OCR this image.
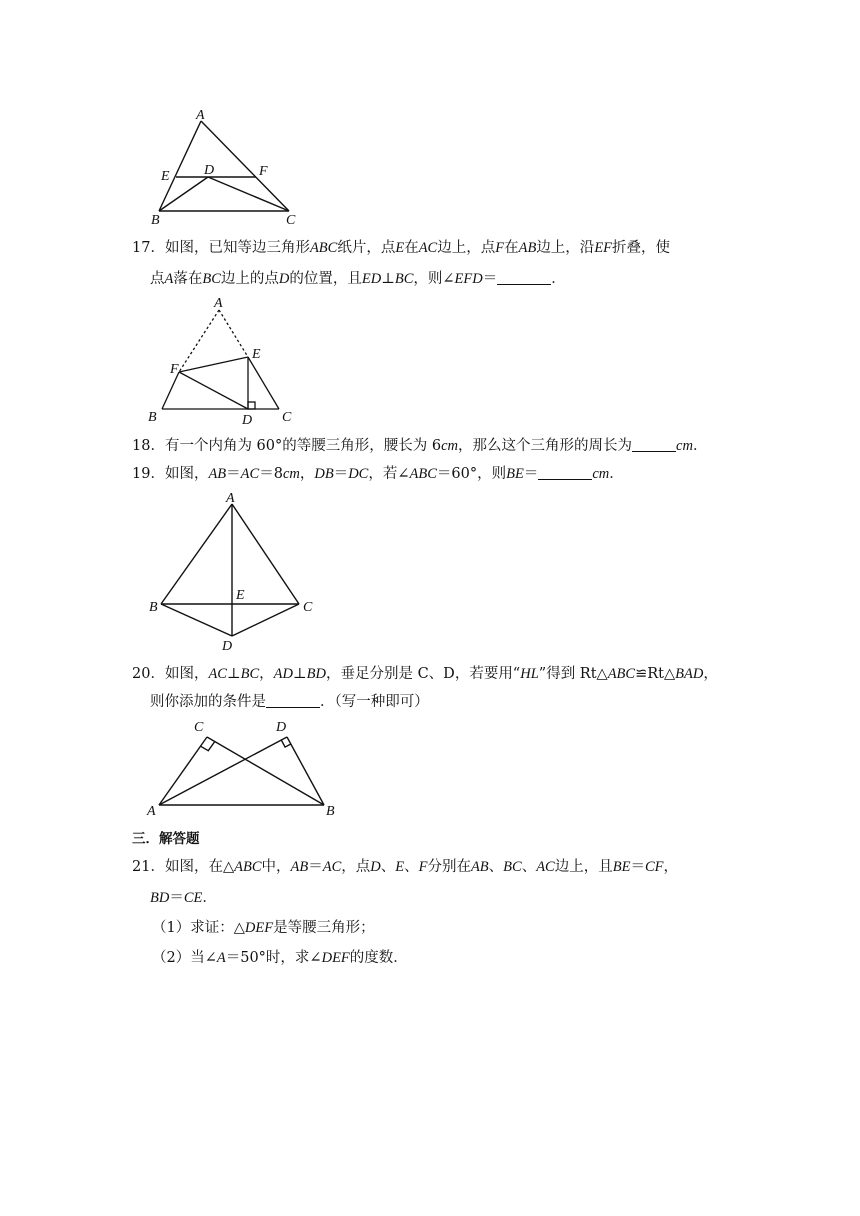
A
E D	F
B	C
17．如图，已知等边三角形ABC纸片，点E在AC边上，点F在AB边上，沿EF折叠，使
点A落在BC边上的点D的位置，且ED⊥BC，则∠EFD＝	．
A
E
F
B	D C
18．有一个内角为 60°的等腰三角形，腰长为 6cm，那么这个三角形的周长为	cm．
19．如图，AB＝AC＝8cm，DB＝DC，若∠ABC＝60°，则BE＝	cm．
A
E
B	C
D
20．如图，AC⊥BC，AD⊥BD，垂足分别是 C、D，若要用“HL”得到 Rt△ABC≌Rt△BAD，
则你添加的条件是	．（写一种即可）
C	D
A	B
三．解答题
21．如图，在△ABC中，AB＝AC，点D、E、F分别在AB、BC、AC边上，且BE＝CF，
BD＝CE．
（1）求证：△DEF是等腰三角形；
（2）当∠A＝50°时，求∠DEF的度数．
